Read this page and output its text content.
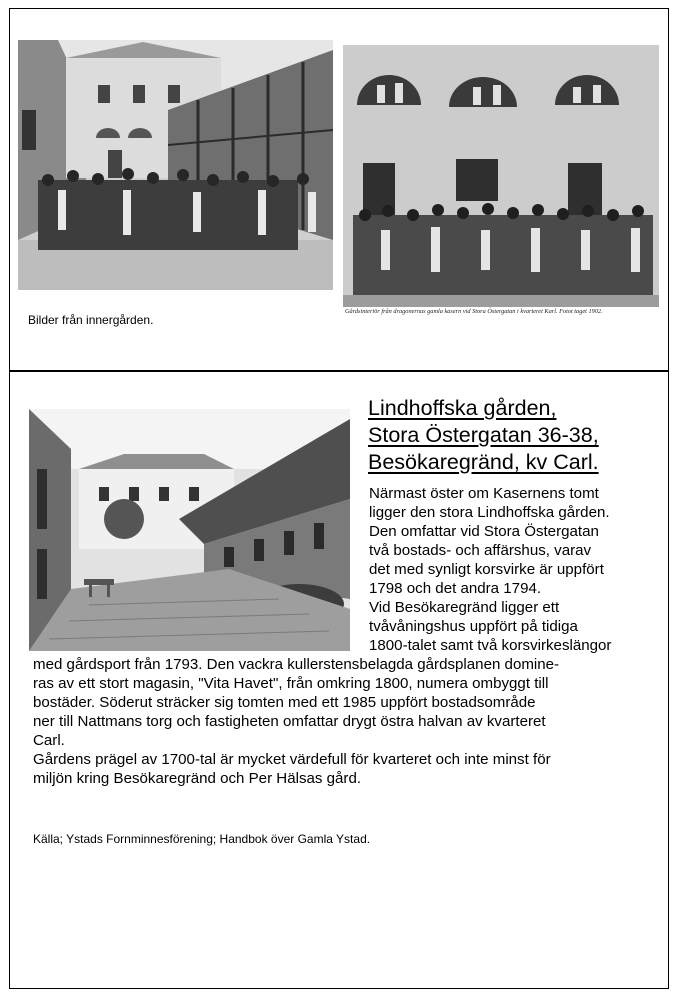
Gårdsinteriör från dragonernas gamla kasern vid Stora Östergatan i kvarteret Karl. Fotot taget 1902.
Bilder från innergården.
Lindhoffska gården,
Stora Östergatan 36-38,
Besökaregränd, kv Carl.
Närmast öster om Kasernens tomt
ligger den stora Lindhoffska gården.
Den omfattar vid Stora Östergatan
två bostads- och affärshus, varav
det med synligt korsvirke är uppfört
1798 och det andra 1794.
Vid Besökaregränd ligger ett
tvåvåningshus uppfört på tidiga
1800-talet samt två korsvirkeslängor
med gårdsport från 1793. Den vackra kullerstensbelagda gårdsplanen domine-
ras av ett stort magasin, "Vita Havet", från omkring 1800, numera ombyggt till
bostäder. Söderut sträcker sig tomten med ett 1985 uppfört bostadsområde
ner till Nattmans torg och fastigheten omfattar drygt östra halvan av kvarteret
Carl.
Gårdens prägel av 1700-tal är mycket värdefull för kvarteret och inte minst för
miljön kring Besökaregränd och Per Hälsas gård.
Källa; Ystads Fornminnesförening; Handbok över Gamla Ystad.
